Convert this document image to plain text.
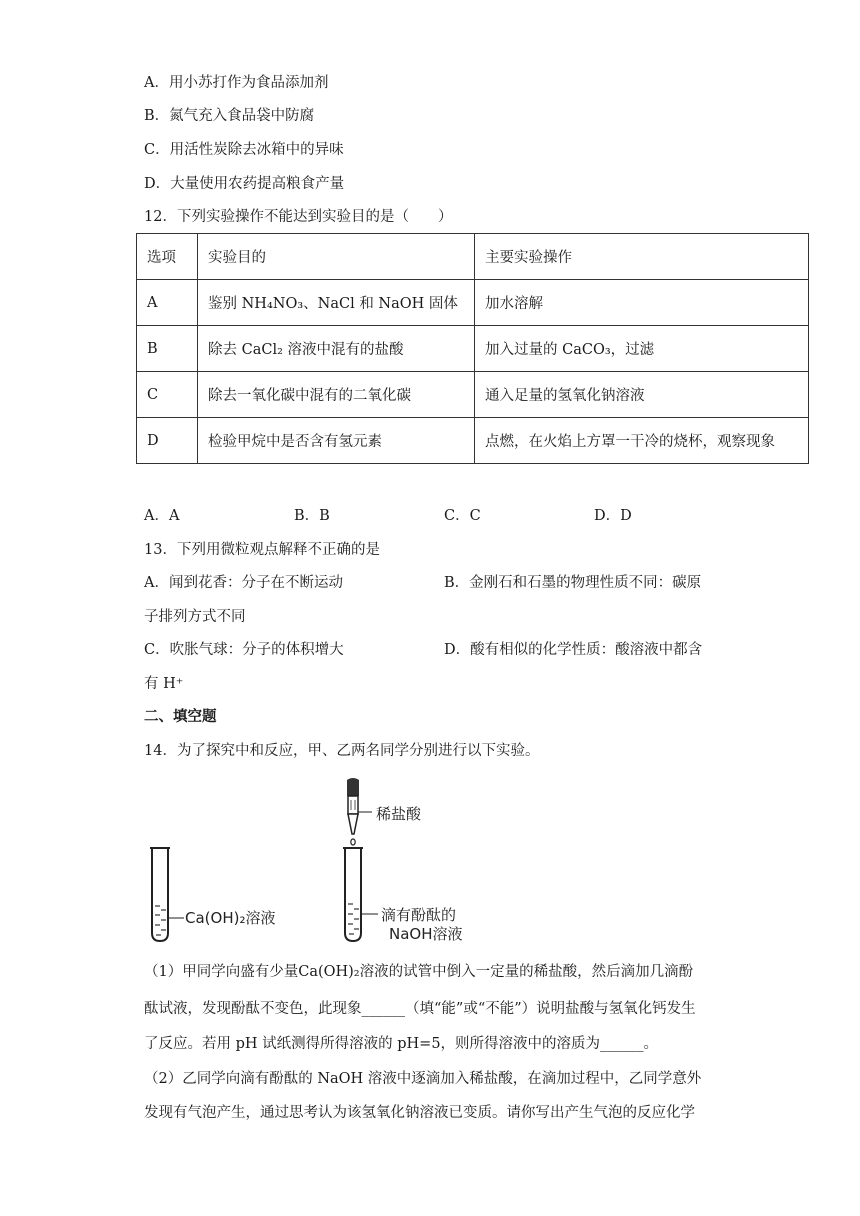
A．用小苏打作为食品添加剂
B．氮气充入食品袋中防腐
C．用活性炭除去冰箱中的异味
D．大量使用农药提高粮食产量
12．下列实验操作不能达到实验目的是（　　）
选项	实验目的	主要实验操作
A	鉴别 NH₄NO₃、NaCl 和 NaOH 固体	加水溶解
B	除去 CaCl₂ 溶液中混有的盐酸	加入过量的 CaCO₃，过滤
C	除去一氧化碳中混有的二氧化碳	通入足量的氢氧化钠溶液
D	检验甲烷中是否含有氢元素	点燃，在火焰上方罩一干冷的烧杯，观察现象
A．A	B．B	C．C	D．D
13．下列用微粒观点解释不正确的是
A．闻到花香：分子在不断运动	B．金刚石和石墨的物理性质不同：碳原
子排列方式不同
C．吹胀气球：分子的体积增大	D．酸有相似的化学性质：酸溶液中都含
有 H⁺
二、填空题
14．为了探究中和反应，甲、乙两名同学分别进行以下实验。
Ca(OH)₂溶液
稀盐酸
滴有酚酞的
NaOH溶液
（1）甲同学向盛有少量Ca(OH)₂溶液的试管中倒入一定量的稀盐酸，然后滴加几滴酚
酞试液，发现酚酞不变色，此现象______（填“能”或“不能”）说明盐酸与氢氧化钙发生
了反应。若用 pH 试纸测得所得溶液的 pH=5，则所得溶液中的溶质为______。
（2）乙同学向滴有酚酞的 NaOH 溶液中逐滴加入稀盐酸，在滴加过程中，乙同学意外
发现有气泡产生，通过思考认为该氢氧化钠溶液已变质。请你写出产生气泡的反应化学
